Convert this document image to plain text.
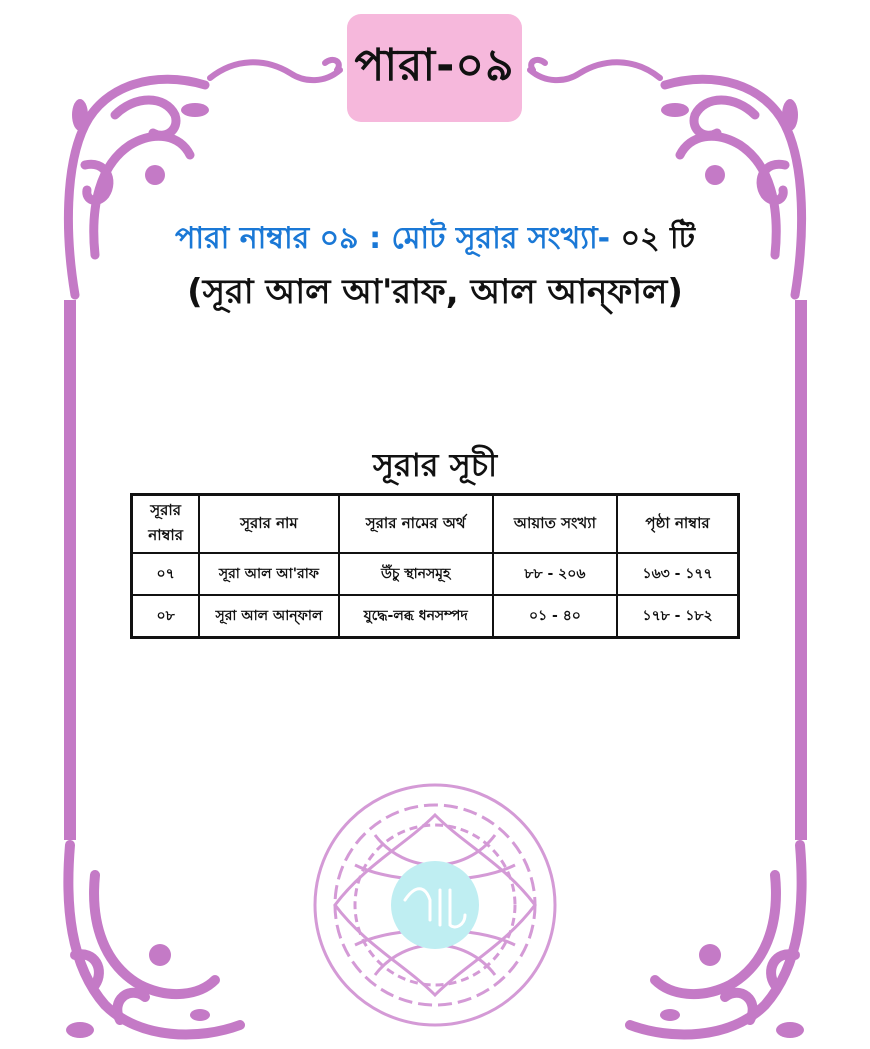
পারা-০৯
পারা নাম্বার ০৯ : মোট সূরার সংখ্যা- ০২ টি
(সূরা আল আ'রাফ, আল আন্‌ফাল)
সূরার সূচী
সূরার নাম্বার	সূরার নাম	সূরার নামের অর্থ	আয়াত সংখ্যা	পৃষ্ঠা নাম্বার
০৭	সূরা আল আ'রাফ	উঁচু স্থানসমূহ	৮৮ - ২০৬	১৬৩ - ১৭৭
০৮	সূরা আল আন্‌ফাল	যুদ্ধে-লব্ধ ধনসম্পদ	০১ - ৪০	১৭৮ - ১৮২
